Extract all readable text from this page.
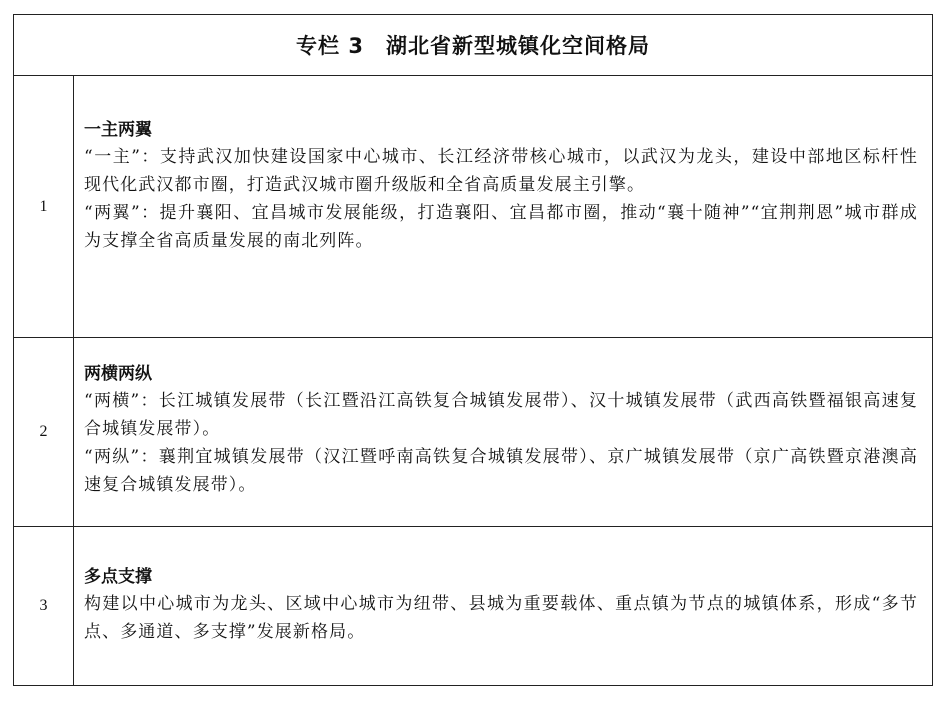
专栏 3　湖北省新型城镇化空间格局
1

一主两翼

“一主”：支持武汉加快建设国家中心城市、长江经济带核心城市，以武汉为龙头，建设中部地区标杆性现代化武汉都市圈，打造武汉城市圈升级版和全省高质量发展主引擎。

“两翼”：提升襄阳、宜昌城市发展能级，打造襄阳、宜昌都市圈，推动“襄十随神”“宜荆荆恩”城市群成为支撑全省高质量发展的南北列阵。

2

两横两纵

“两横”：长江城镇发展带（长江暨沿江高铁复合城镇发展带）、汉十城镇发展带（武西高铁暨福银高速复合城镇发展带）。

“两纵”：襄荆宜城镇发展带（汉江暨呼南高铁复合城镇发展带）、京广城镇发展带（京广高铁暨京港澳高速复合城镇发展带）。

3

多点支撑

构建以中心城市为龙头、区域中心城市为纽带、县城为重要载体、重点镇为节点的城镇体系，形成“多节点、多通道、多支撑”发展新格局。
